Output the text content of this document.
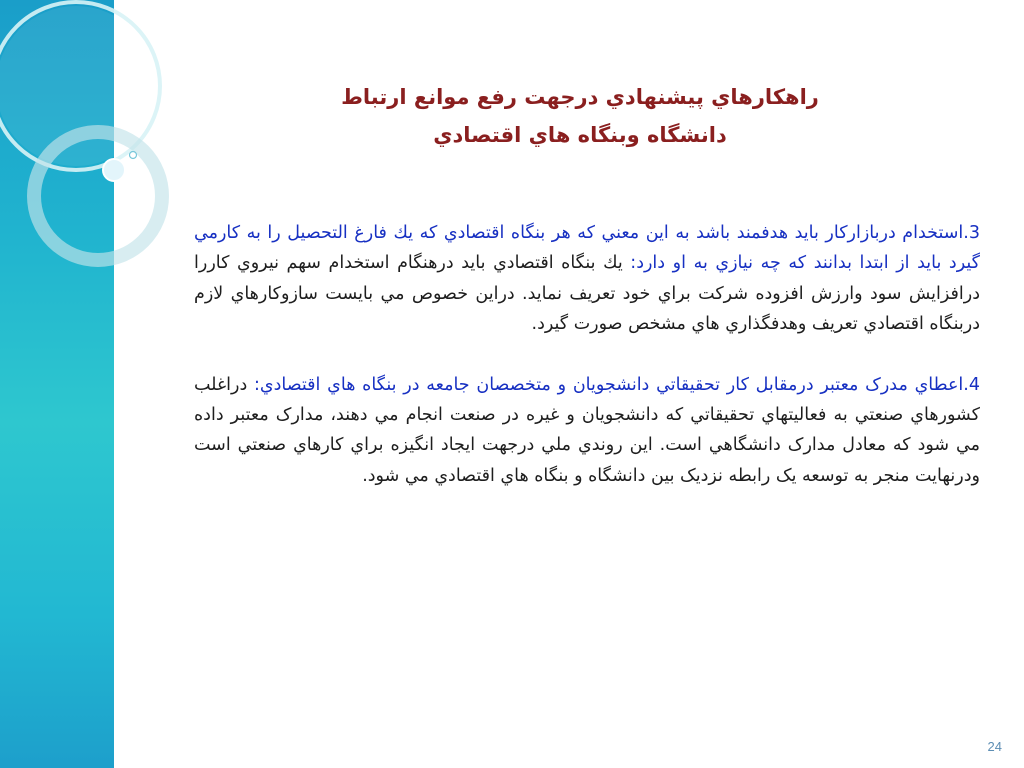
راهكارهاي پيشنهادي درجهت رفع موانع ارتباط
دانشگاه وبنگاه هاي اقتصادي

3.استخدام دربازاركار بايد هدفمند باشد به اين معني كه هر بنگاه اقتصادي كه يك فارغ التحصيل را به كارمي گيرد بايد از ابتدا بدانند كه چه نيازي به او دارد: يك بنگاه اقتصادي بايد درهنگام استخدام سهم نيروي كاررا درافزايش سود وارزش افزوده شركت براي خود تعريف نمايد. دراين خصوص مي بايست سازوكارهاي لازم دربنگاه اقتصادي تعريف وهدفگذاري هاي مشخص صورت گيرد.

4.اعطاي مدرک معتبر درمقابل کار تحقيقاتي دانشجويان و متخصصان جامعه در بنگاه هاي اقتصادي: دراغلب كشورهاي صنعتي به فعاليتهاي تحقيقاتي كه دانشجويان و غيره در صنعت انجام مي دهند، مدارک معتبر داده مي شود كه معادل مدارک دانشگاهي است. اين روندي ملي درجهت ايجاد انگيزه براي كارهاي صنعتي است ودرنهايت منجر به توسعه يک رابطه نزديک بين دانشگاه و بنگاه هاي اقتصادي مي شود.

24
